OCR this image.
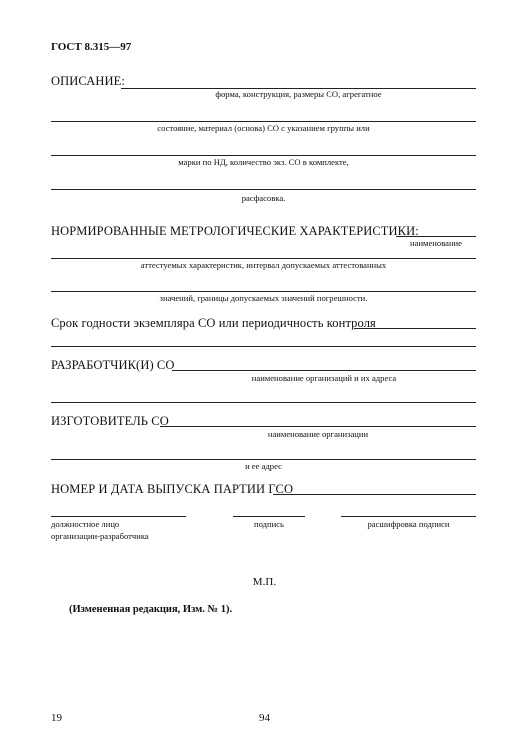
ГОСТ 8.315—97
ОПИСАНИЕ:
форма, конструкция, размеры СО, агрегатное
состояние, материал (основа) СО с указанием группы или
марки по НД, количество экз. СО в комплекте,
расфасовка.
НОРМИРОВАННЫЕ МЕТРОЛОГИЧЕСКИЕ ХАРАКТЕРИСТИКИ:
наименование
аттестуемых характеристик, интервал допускаемых аттестованных
значений, границы допускаемых значений погрешности.
Срок годности экземпляра СО или периодичность контроля
РАЗРАБОТЧИК(И) СО
наименование организаций и их адреса
ИЗГОТОВИТЕЛЬ СО
наименование организации
и ее адрес
НОМЕР И ДАТА ВЫПУСКА ПАРТИИ ГСО
должностное лицо
организации-разработчика
подпись	расшифровка подписи
М.П.
(Измененная редакция, Изм. № 1).
19	94
